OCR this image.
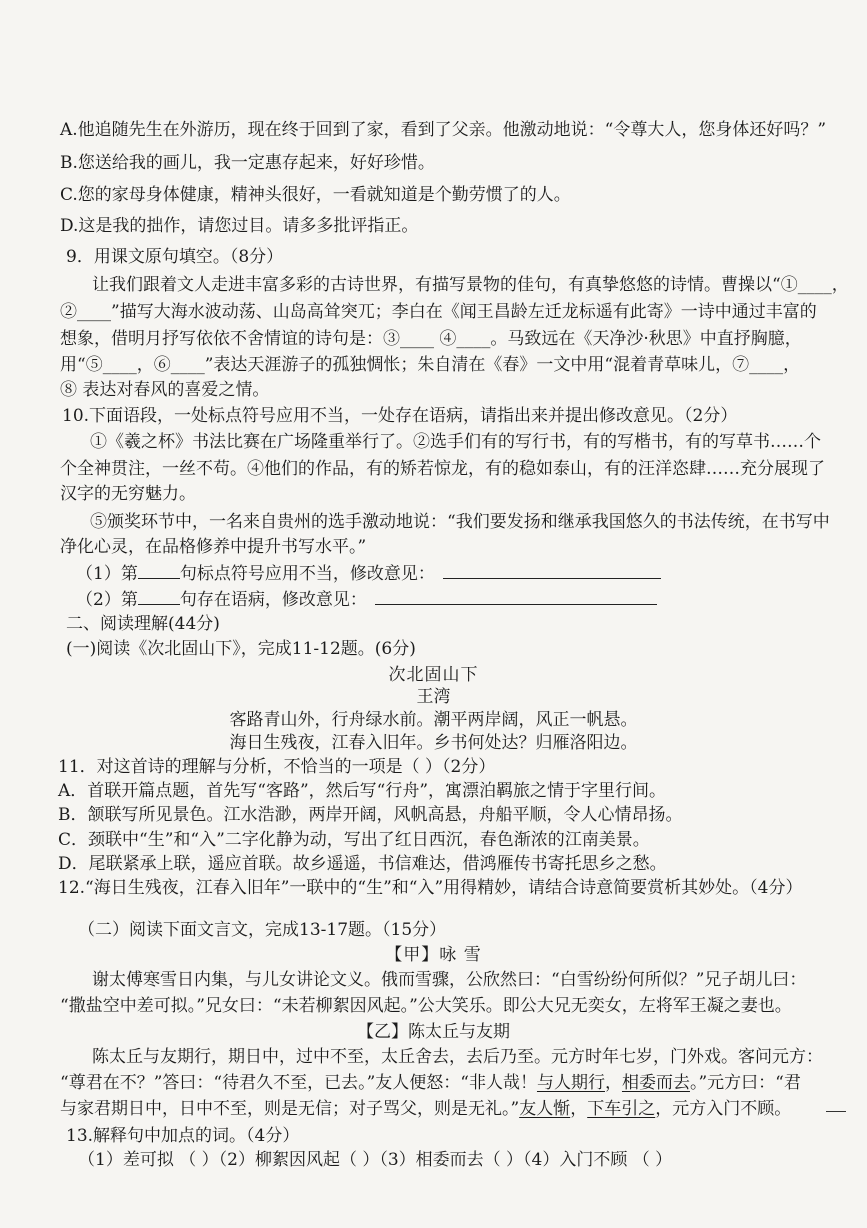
A.他追随先生在外游历，现在终于回到了家，看到了父亲。他激动地说：“令尊大人，您身体还好吗？”
B.您送给我的画儿，我一定惠存起来，好好珍惜。
C.您的家母身体健康，精神头很好，一看就知道是个勤劳惯了的人。
D.这是我的拙作，请您过目。请多多批评指正。
9．用课文原句填空。（8分）
让我们跟着文人走进丰富多彩的古诗世界，有描写景物的佳句，有真挚悠悠的诗情。曹操以“①____，
②____”描写大海水波动荡、山岛高耸突兀；李白在《闻王昌龄左迁龙标遥有此寄》一诗中通过丰富的
想象，借明月抒写依依不舍情谊的诗句是：③____ ④____。马致远在《天净沙·秋思》中直抒胸臆，
用“⑤____，⑥____”表达天涯游子的孤独惆怅；朱自清在《春》一文中用“混着青草味儿，⑦____，
⑧ 表达对春风的喜爱之情。
10.下面语段，一处标点符号应用不当，一处存在语病，请指出来并提出修改意见。（2分）
①《羲之杯》书法比赛在广场隆重举行了。②选手们有的写行书，有的写楷书，有的写草书……个
个全神贯注，一丝不苟。④他们的作品，有的矫若惊龙，有的稳如泰山，有的汪洋恣肆……充分展现了
汉字的无穷魅力。
⑤颁奖环节中，一名来自贵州的选手激动地说：“我们要发扬和继承我国悠久的书法传统，在书写中
净化心灵，在品格修养中提升书写水平。”
（1）第 句标点符号应用不当，修改意见：
（2）第 句存在语病，修改意见：
二、阅读理解(44分)
(一)阅读《次北固山下》，完成11-12题。(6分)
次北固山下
王湾
客路青山外，行舟绿水前。潮平两岸阔，风正一帆悬。
海日生残夜，江春入旧年。乡书何处达？归雁洛阳边。
11．对这首诗的理解与分析，不恰当的一项是（ ）（2分）
A．首联开篇点题，首先写“客路”，然后写“行舟”，寓漂泊羁旅之情于字里行间。
B．颔联写所见景色。江水浩渺，两岸开阔，风帆高悬，舟船平顺，令人心情昂扬。
C．颈联中“生”和“入”二字化静为动，写出了红日西沉，春色渐浓的江南美景。
D．尾联紧承上联，遥应首联。故乡遥遥，书信难达，借鸿雁传书寄托思乡之愁。
12.“海日生残夜，江春入旧年”一联中的“生”和“入”用得精妙，请结合诗意简要赏析其妙处。（4分）
（二）阅读下面文言文，完成13-17题。（15分）
【甲】咏 雪
谢太傅寒雪日内集，与儿女讲论文义。俄而雪骤，公欣然曰：“白雪纷纷何所似？”兄子胡儿曰：
“撒盐空中差可拟。”兄女曰：“未若柳絮因风起。”公大笑乐。即公大兄无奕女，左将军王凝之妻也。
【乙】陈太丘与友期
陈太丘与友期行，期日中，过中不至，太丘舍去，去后乃至。元方时年七岁，门外戏。客问元方：
“尊君在不？”答曰：“待君久不至，已去。”友人便怒：“非人哉！与人期行，相委而去。”元方曰：“君
与家君期日中，日中不至，则是无信；对子骂父，则是无礼。”友人惭，下车引之，元方入门不顾。
13.解释句中加点的词。（4分）
（1）差可拟 （ ）（2）柳絮因风起（ ）（3）相委而去（ ）（4）入门不顾 （ ）
